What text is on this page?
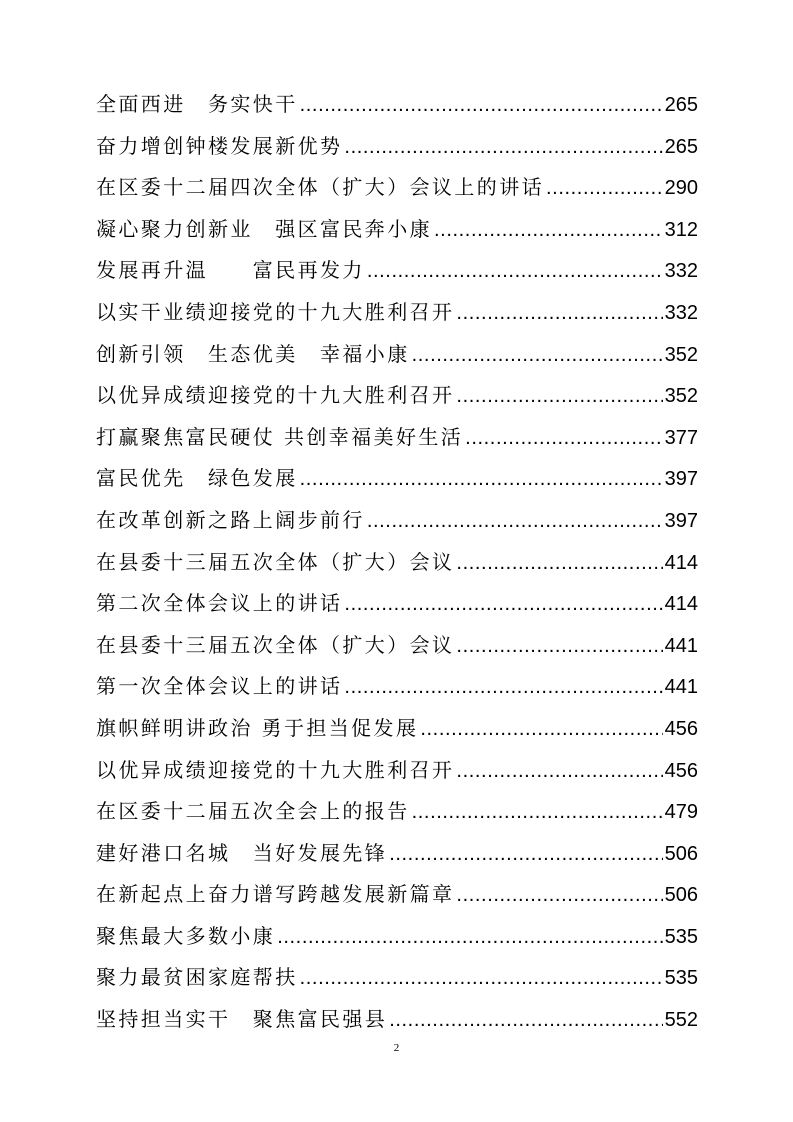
全面西进　务实快干 .....	265
奋力增创钟楼发展新优势 .....	265
在区委十二届四次全体（扩大）会议上的讲话 .....	290
凝心聚力创新业　强区富民奔小康 .....	312
发展再升温　　富民再发力 .....	332
以实干业绩迎接党的十九大胜利召开 .....	332
创新引领　生态优美　幸福小康 .....	352
以优异成绩迎接党的十九大胜利召开 .....	352
打赢聚焦富民硬仗 共创幸福美好生活 .....	377
富民优先　绿色发展 .....	397
在改革创新之路上阔步前行 .....	397
在县委十三届五次全体（扩大）会议 .....	414
第二次全体会议上的讲话 .....	414
在县委十三届五次全体（扩大）会议 .....	441
第一次全体会议上的讲话 .....	441
旗帜鲜明讲政治 勇于担当促发展 .....	456
以优异成绩迎接党的十九大胜利召开 .....	456
在区委十二届五次全会上的报告 .....	479
建好港口名城　当好发展先锋 .....	506
在新起点上奋力谱写跨越发展新篇章 .....	506
聚焦最大多数小康 .....	535
聚力最贫困家庭帮扶 .....	535
坚持担当实干　聚焦富民强县 .....	552
2
